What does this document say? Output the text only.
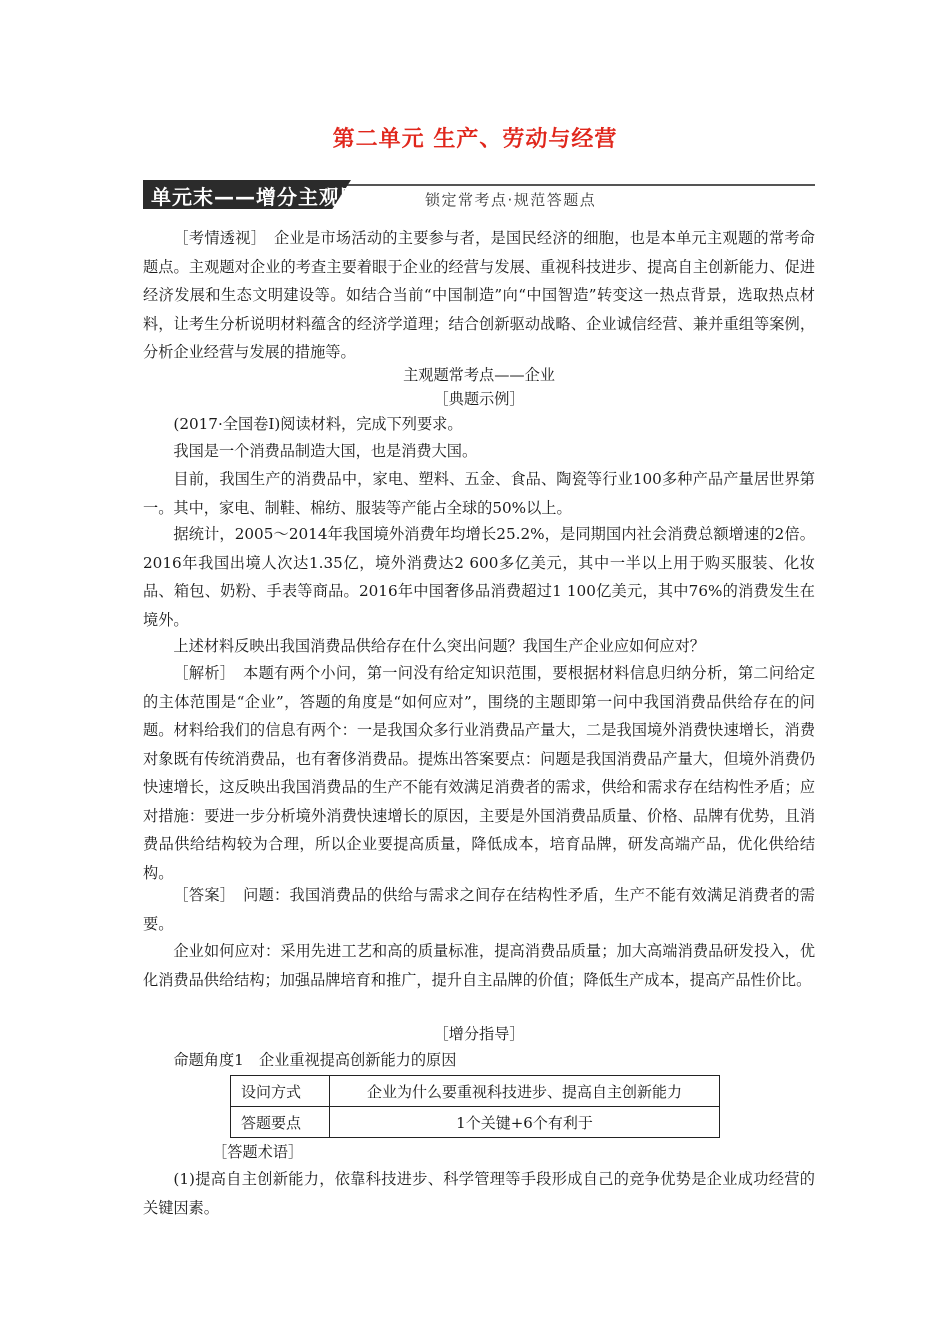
第二单元 生产、劳动与经营
单元末——增分主观题	锁定常考点·规范答题点

［考情透视］　企业是市场活动的主要参与者，是国民经济的细胞，也是本单元主观题的常考命题点。主观题对企业的考查主要着眼于企业的经营与发展、重视科技进步、提高自主创新能力、促进经济发展和生态文明建设等。如结合当前“中国制造”向“中国智造”转变这一热点背景，选取热点材料，让考生分析说明材料蕴含的经济学道理；结合创新驱动战略、企业诚信经营、兼并重组等案例，分析企业经营与发展的措施等。

主观题常考点——企业

［典题示例］

(2017·全国卷Ⅰ)阅读材料，完成下列要求。

我国是一个消费品制造大国，也是消费大国。

目前，我国生产的消费品中，家电、塑料、五金、食品、陶瓷等行业100多种产品产量居世界第一。其中，家电、制鞋、棉纺、服装等产能占全球的50%以上。

据统计，2005～2014年我国境外消费年均增长25.2%，是同期国内社会消费总额增速的2倍。2016年我国出境人次达1.35亿，境外消费达2 600多亿美元，其中一半以上用于购买服装、化妆品、箱包、奶粉、手表等商品。2016年中国奢侈品消费超过1 100亿美元，其中76%的消费发生在境外。

上述材料反映出我国消费品供给存在什么突出问题？我国生产企业应如何应对？

［解析］　本题有两个小问，第一问没有给定知识范围，要根据材料信息归纳分析，第二问给定的主体范围是“企业”，答题的角度是“如何应对”，围绕的主题即第一问中我国消费品供给存在的问题。材料给我们的信息有两个：一是我国众多行业消费品产量大，二是我国境外消费快速增长，消费对象既有传统消费品，也有奢侈消费品。提炼出答案要点：问题是我国消费品产量大，但境外消费仍快速增长，这反映出我国消费品的生产不能有效满足消费者的需求，供给和需求存在结构性矛盾；应对措施：要进一步分析境外消费快速增长的原因，主要是外国消费品质量、价格、品牌有优势，且消费品供给结构较为合理，所以企业要提高质量，降低成本，培育品牌，研发高端产品，优化供给结构。

［答案］　问题：我国消费品的供给与需求之间存在结构性矛盾，生产不能有效满足消费者的需要。

企业如何应对：采用先进工艺和高的质量标准，提高消费品质量；加大高端消费品研发投入，优化消费品供给结构；加强品牌培育和推广，提升自主品牌的价值；降低生产成本，提高产品性价比。

［增分指导］

命题角度1　企业重视提高创新能力的原因

设问方式	企业为什么要重视科技进步、提高自主创新能力
答题要点	1个关键+6个有利于

［答题术语］

(1)提高自主创新能力，依靠科技进步、科学管理等手段形成自己的竞争优势是企业成功经营的关键因素。
